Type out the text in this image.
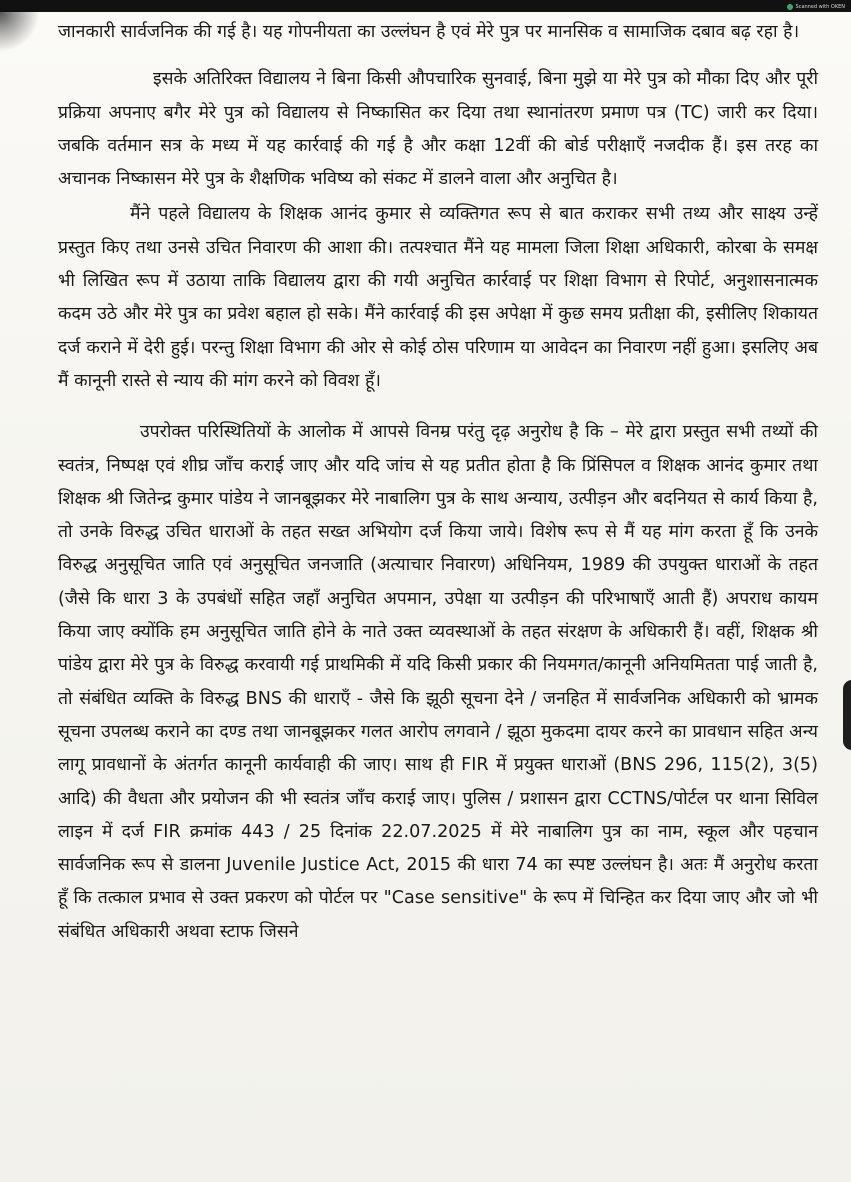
Scanned with OKEN

जानकारी सार्वजनिक की गई है। यह गोपनीयता का उल्लंघन है एवं मेरे पुत्र पर मानसिक व सामाजिक दबाव बढ़ रहा है।

इसके अतिरिक्त विद्यालय ने बिना किसी औपचारिक सुनवाई, बिना मुझे या मेरे पुत्र को मौका दिए और पूरी प्रक्रिया अपनाए बगैर मेरे पुत्र को विद्यालय से निष्कासित कर दिया तथा स्थानांतरण प्रमाण पत्र (TC) जारी कर दिया। जबकि वर्तमान सत्र के मध्य में यह कार्रवाई की गई है और कक्षा 12वीं की बोर्ड परीक्षाएँ नजदीक हैं। इस तरह का अचानक निष्कासन मेरे पुत्र के शैक्षणिक भविष्य को संकट में डालने वाला और अनुचित है।

मैंने पहले विद्यालय के शिक्षक आनंद कुमार से व्यक्तिगत रूप से बात कराकर सभी तथ्य और साक्ष्य उन्हें प्रस्तुत किए तथा उनसे उचित निवारण की आशा की। तत्पश्चात मैंने यह मामला जिला शिक्षा अधिकारी, कोरबा के समक्ष भी लिखित रूप में उठाया ताकि विद्यालय द्वारा की गयी अनुचित कार्रवाई पर शिक्षा विभाग से रिपोर्ट, अनुशासनात्मक कदम उठे और मेरे पुत्र का प्रवेश बहाल हो सके। मैंने कार्रवाई की इस अपेक्षा में कुछ समय प्रतीक्षा की, इसीलिए शिकायत दर्ज कराने में देरी हुई। परन्तु शिक्षा विभाग की ओर से कोई ठोस परिणाम या आवेदन का निवारण नहीं हुआ। इसलिए अब मैं कानूनी रास्ते से न्याय की मांग करने को विवश हूँ।

उपरोक्त परिस्थितियों के आलोक में आपसे विनम्र परंतु दृढ़ अनुरोध है कि – मेरे द्वारा प्रस्तुत सभी तथ्यों की स्वतंत्र, निष्पक्ष एवं शीघ्र जाँच कराई जाए और यदि जांच से यह प्रतीत होता है कि प्रिंसिपल व शिक्षक आनंद कुमार तथा शिक्षक श्री जितेन्द्र कुमार पांडेय ने जानबूझकर मेरे नाबालिग पुत्र के साथ अन्याय, उत्पीड़न और बदनियत से कार्य किया है, तो उनके विरुद्ध उचित धाराओं के तहत सख्त अभियोग दर्ज किया जाये। विशेष रूप से मैं यह मांग करता हूँ कि उनके विरुद्ध अनुसूचित जाति एवं अनुसूचित जनजाति (अत्याचार निवारण) अधिनियम, 1989 की उपयुक्त धाराओं के तहत (जैसे कि धारा 3 के उपबंधों सहित जहाँ अनुचित अपमान, उपेक्षा या उत्पीड़न की परिभाषाएँ आती हैं) अपराध कायम किया जाए क्योंकि हम अनुसूचित जाति होने के नाते उक्त व्यवस्थाओं के तहत संरक्षण के अधिकारी हैं। वहीं, शिक्षक श्री पांडेय द्वारा मेरे पुत्र के विरुद्ध करवायी गई प्राथमिकी में यदि किसी प्रकार की नियमगत/कानूनी अनियमितता पाई जाती है, तो संबंधित व्यक्ति के विरुद्ध BNS की धाराएँ - जैसे कि झूठी सूचना देने / जनहित में सार्वजनिक अधिकारी को भ्रामक सूचना उपलब्ध कराने का दण्ड तथा जानबूझकर गलत आरोप लगवाने / झूठा मुकदमा दायर करने का प्रावधान सहित अन्य लागू प्रावधानों के अंतर्गत कानूनी कार्यवाही की जाए। साथ ही FIR में प्रयुक्त धाराओं (BNS 296, 115(2), 3(5) आदि) की वैधता और प्रयोजन की भी स्वतंत्र जाँच कराई जाए। पुलिस / प्रशासन द्वारा CCTNS/पोर्टल पर थाना सिविल लाइन में दर्ज FIR क्रमांक 443 / 25 दिनांक 22.07.2025 में मेरे नाबालिग पुत्र का नाम, स्कूल और पहचान सार्वजनिक रूप से डालना Juvenile Justice Act, 2015 की धारा 74 का स्पष्ट उल्लंघन है। अतः मैं अनुरोध करता हूँ कि तत्काल प्रभाव से उक्त प्रकरण को पोर्टल पर "Case sensitive" के रूप में चिन्हित कर दिया जाए और जो भी संबंधित अधिकारी अथवा स्टाफ जिसने
